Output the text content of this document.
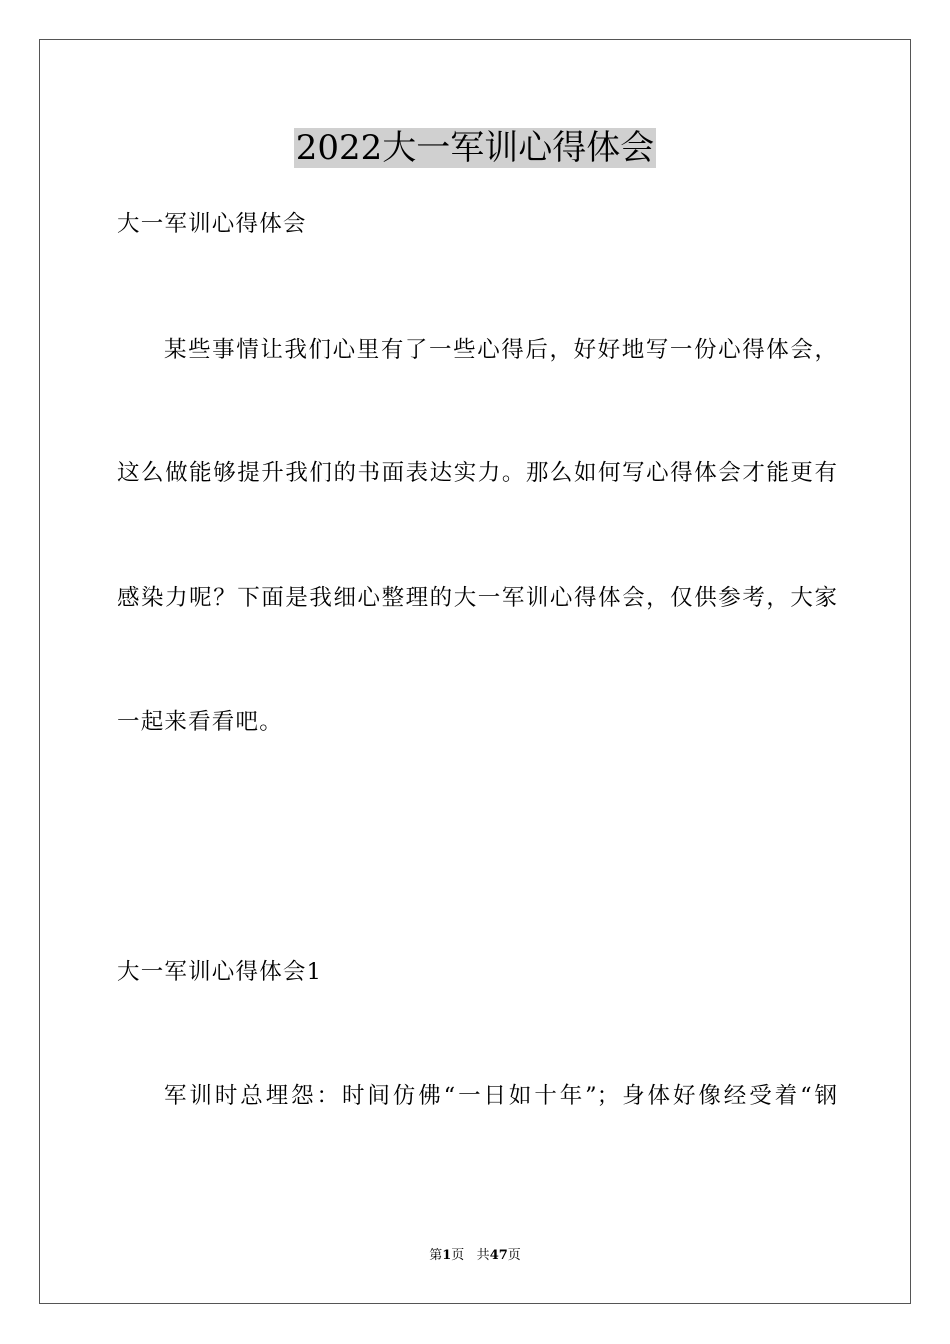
2022大一军训心得体会
大一军训心得体会
某些事情让我们心里有了一些心得后，好好地写一份心得体会，
这么做能够提升我们的书面表达实力。那么如何写心得体会才能更有
感染力呢？下面是我细心整理的大一军训心得体会，仅供参考，大家
一起来看看吧。
大一军训心得体会1
军训时总埋怨：时间仿佛“一日如十年”；身体好像经受着“钢
第1页 共47页
